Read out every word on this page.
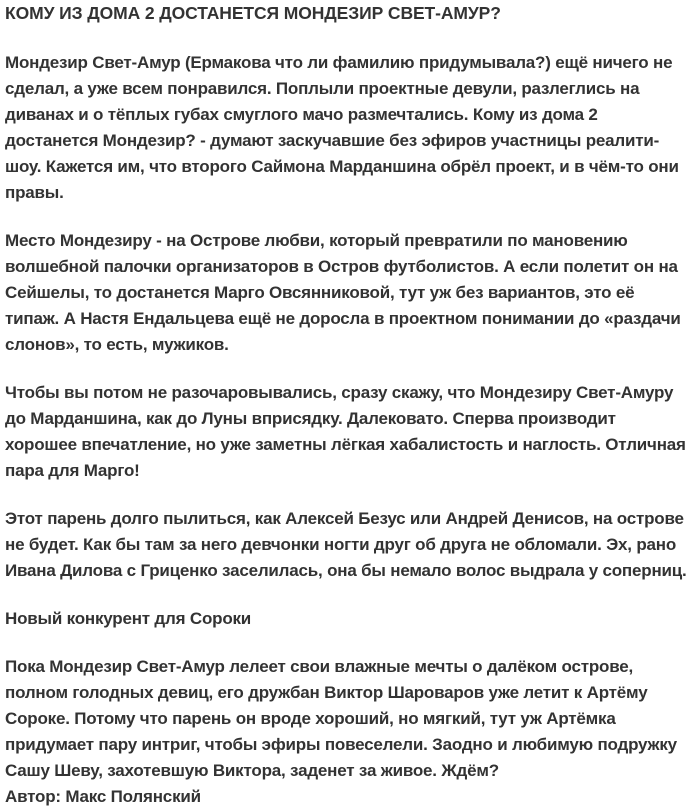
КОМУ ИЗ ДОМА 2 ДОСТАНЕТСЯ МОНДЕЗИР СВЕТ-АМУР?

Мондезир Свет-Амур (Ермакова что ли фамилию придумывала?) ещё ничего не сделал, а уже всем понравился. Поплыли проектные девули, разлеглись на диванах и о тёплых губах смуглого мачо размечтались. Кому из дома 2 достанется Мондезир? - думают заскучавшие без эфиров участницы реалити-шоу. Кажется им, что второго Саймона Марданшина обрёл проект, и в чём-то они правы.

Место Мондезиру - на Острове любви, который превратили по мановению волшебной палочки организаторов в Остров футболистов. А если полетит он на Сейшелы, то достанется Марго Овсянниковой, тут уж без вариантов, это её типаж. А Настя Ендальцева ещё не доросла в проектном понимании до «раздачи слонов», то есть, мужиков.

Чтобы вы потом не разочаровывались, сразу скажу, что Мондезиру Свет-Амуру до Марданшина, как до Луны вприсядку. Далековато. Сперва производит хорошее впечатление, но уже заметны лёгкая хабалистость и наглость. Отличная пара для Марго!

Этот парень долго пылиться, как Алексей Безус или Андрей Денисов, на острове не будет. Как бы там за него девчонки ногти друг об друга не обломали. Эх, рано Ивана Дилова с Гриценко заселилась, она бы немало волос выдрала у соперниц.

Новый конкурент для Сороки

Пока Мондезир Свет-Амур лелеет свои влажные мечты о далёком острове, полном голодных девиц, его дружбан Виктор Шароваров уже летит к Артёму Сороке. Потому что парень он вроде хороший, но мягкий, тут уж Артёмка придумает пару интриг, чтобы эфиры повеселели. Заодно и любимую подружку Сашу Шеву, захотевшую Виктора, заденет за живое. Ждём?

Автор: Макс Полянский
